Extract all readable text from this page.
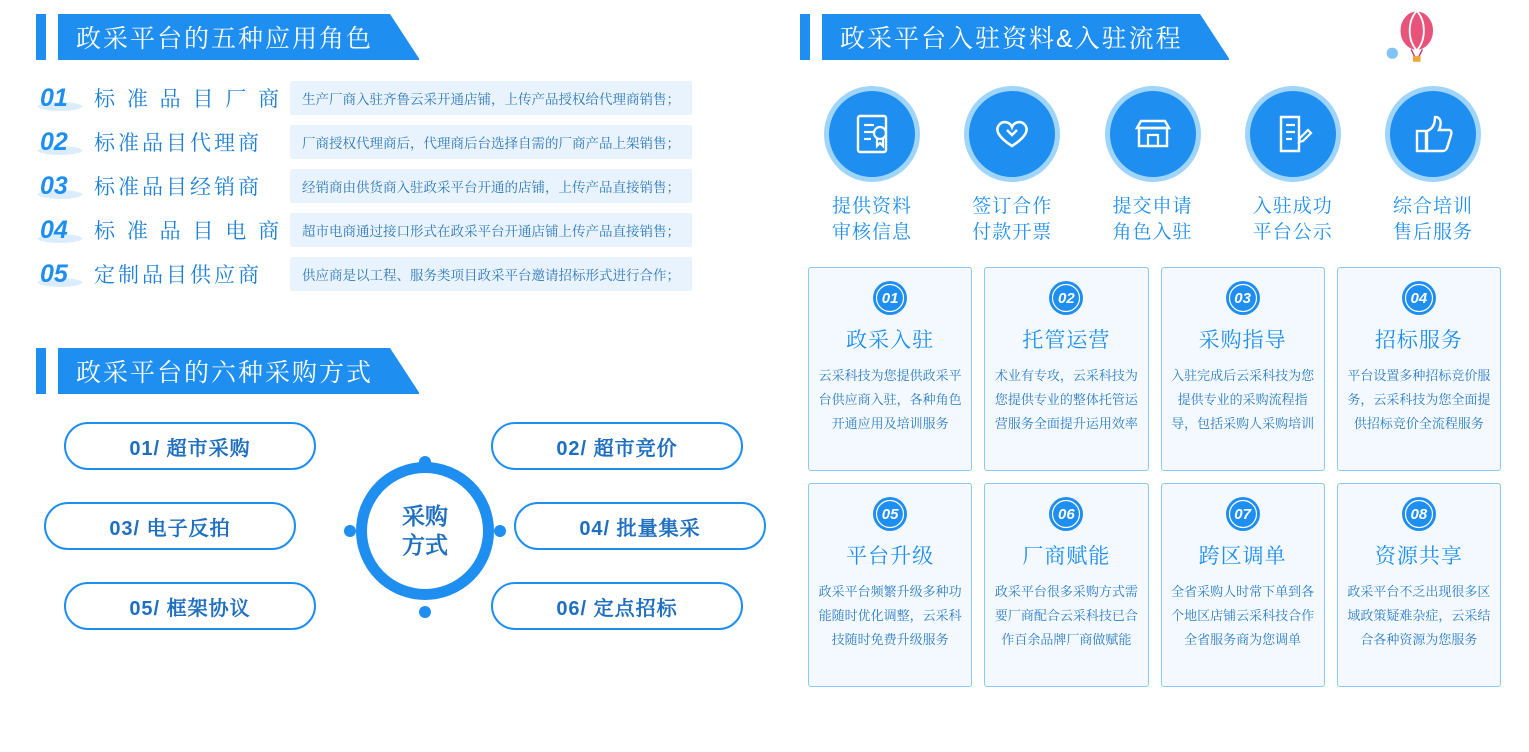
政采平台的五种应用角色
01	标 准 品 目 厂 商	生产厂商入驻齐鲁云采开通店铺，上传产品授权给代理商销售；
02	标准品目代理商	厂商授权代理商后，代理商后台选择自需的厂商产品上架销售；
03	标准品目经销商	经销商由供货商入驻政采平台开通的店铺，上传产品直接销售；
04	标 准 品 目 电 商	超市电商通过接口形式在政采平台开通店铺上传产品直接销售；
05	定制品目供应商	供应商是以工程、服务类项目政采平台邀请招标形式进行合作；
政采平台的六种采购方式
01/ 超市采购	02/ 超市竞价
03/ 电子反拍	04/ 批量集采
05/ 框架协议	06/ 定点招标
采购
方式
政采平台入驻资料&入驻流程
提供资料
审核信息
签订合作
付款开票
提交申请
角色入驻
入驻成功
平台公示
综合培训
售后服务
01
政采入驻
云采科技为您提供政采平台供应商入驻，各种角色开通应用及培训服务
02
托管运营
术业有专攻，云采科技为您提供专业的整体托管运营服务全面提升运用效率
03
采购指导
入驻完成后云采科技为您提供专业的采购流程指导，包括采购人采购培训
04
招标服务
平台设置多种招标竞价服务，云采科技为您全面提供招标竞价全流程服务
05
平台升级
政采平台频繁升级多种功能随时优化调整，云采科技随时免费升级服务
06
厂商赋能
政采平台很多采购方式需要厂商配合云采科技已合作百余品牌厂商做赋能
07
跨区调单
全省采购人时常下单到各个地区店铺云采科技合作全省服务商为您调单
08
资源共享
政采平台不乏出现很多区域政策疑难杂症，云采结合各种资源为您服务
